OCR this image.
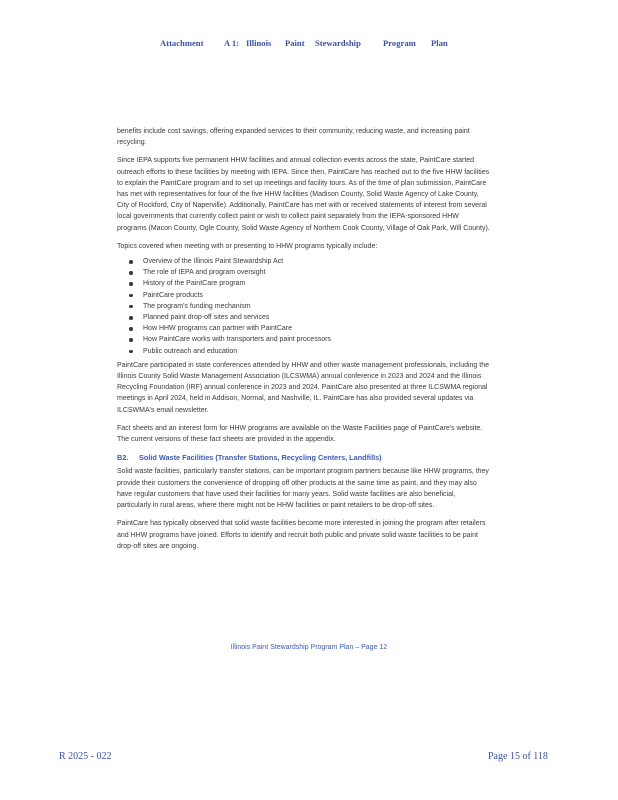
Attachment A 1: Illinois Paint Stewardship	Program Plan

benefits include cost savings, offering expanded services to their community, reducing waste, and increasing paint recycling.

Since IEPA supports five permanent HHW facilities and annual collection events across the state, PaintCare started outreach efforts to these facilities by meeting with IEPA. Since then, PaintCare has reached out to the five HHW facilities to explain the PaintCare program and to set up meetings and facility tours. As of the time of plan submission, PaintCare has met with representatives for four of the five HHW facilities (Madison County, Solid Waste Agency of Lake County, City of Rockford, City of Naperville). Additionally, PaintCare has met with or received statements of interest from several local governments that currently collect paint or wish to collect paint separately from the IEPA-sponsored HHW programs (Macon County, Ogle County, Solid Waste Agency of Northern Cook County, Village of Oak Park, Will County).

Topics covered when meeting with or presenting to HHW programs typically include:

Overview of the Illinois Paint Stewardship Act
The role of IEPA and program oversight
History of the PaintCare program
PaintCare products
The program's funding mechanism
Planned paint drop-off sites and services
How HHW programs can partner with PaintCare
How PaintCare works with transporters and paint processors
Public outreach and education

PaintCare participated in state conferences attended by HHW and other waste management professionals, including the Illinois County Solid Waste Management Association (ILCSWMA) annual conference in 2023 and 2024 and the Illinois Recycling Foundation (IRF) annual conference in 2023 and 2024. PaintCare also presented at three ILCSWMA regional meetings in April 2024, held in Addison, Normal, and Nashville, IL. PaintCare has also provided several updates via ILCSWMA's email newsletter.

Fact sheets and an interest form for HHW programs are available on the Waste Facilities page of PaintCare's website. The current versions of these fact sheets are provided in the appendix.

B2. Solid Waste Facilities (Transfer Stations, Recycling Centers, Landfills)

Solid waste facilities, particularly transfer stations, can be important program partners because like HHW programs, they provide their customers the convenience of dropping off other products at the same time as paint, and they may also have regular customers that have used their facilities for many years. Solid waste facilities are also beneficial, particularly in rural areas, where there might not be HHW facilities or paint retailers to be drop-off sites.

PaintCare has typically observed that solid waste facilities become more interested in joining the program after retailers and HHW programs have joined. Efforts to identify and recruit both public and private solid waste facilities to be paint drop-off sites are ongoing.

Illinois Paint Stewardship Program Plan – Page 12
R 2025 - 022	Page 15 of 118
